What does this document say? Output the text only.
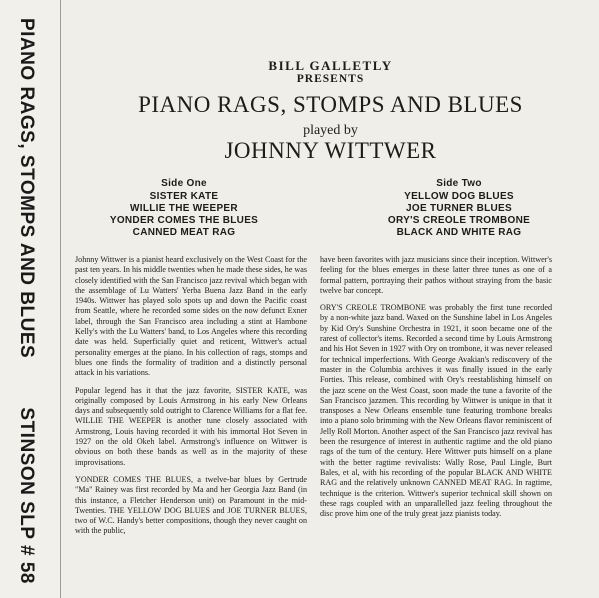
PIANO RAGS, STOMPS AND BLUES
STINSON SLP # 58
BILL GALLETLY
PRESENTS
PIANO RAGS, STOMPS AND BLUES
played by
JOHNNY WITTWER
Side One
SISTER KATE
WILLIE THE WEEPER
YONDER COMES THE BLUES
CANNED MEAT RAG
Side Two
YELLOW DOG BLUES
JOE TURNER BLUES
ORY'S CREOLE TROMBONE
BLACK AND WHITE RAG

Johnny Wittwer is a pianist heard exclusively on the West Coast for the past ten years. In his middle twenties when he made these sides, he was closely identified with the San Francisco jazz revival which began with the assemblage of Lu Watters' Yerba Buena Jazz Band in the early 1940s. Wittwer has played solo spots up and down the Pacific coast from Seattle, where he recorded some sides on the now defunct Exner label, through the San Francisco area including a stint at Hambone Kelly's with the Lu Watters' band, to Los Angeles where this recording date was held. Superficially quiet and reticent, Wittwer's actual personality emerges at the piano. In his collection of rags, stomps and blues one finds the formality of tradition and a distinctly personal attack in his variations.

Popular legend has it that the jazz favorite, SISTER KATE, was originally composed by Louis Armstrong in his early New Orleans days and subsequently sold outright to Clarence Williams for a flat fee. WILLIE THE WEEPER is another tune closely associated with Armstrong, Louis having recorded it with his immortal Hot Seven in 1927 on the old Okeh label. Armstrong's influence on Wittwer is obvious on both these bands as well as in the majority of these improvisations.

YONDER COMES THE BLUES, a twelve-bar blues by Gertrude "Ma" Rainey was first recorded by Ma and her Georgia Jazz Band (in this instance, a Fletcher Henderson unit) on Paramount in the mid-Twenties. THE YELLOW DOG BLUES and JOE TURNER BLUES, two of W.C. Handy's better compositions, though they never caught on with the public,

have been favorites with jazz musicians since their inception. Wittwer's feeling for the blues emerges in these latter three tunes as one of a formal pattern, portraying their pathos without straying from the basic twelve bar concept.

ORY'S CREOLE TROMBONE was probably the first tune recorded by a non-white jazz band. Waxed on the Sunshine label in Los Angeles by Kid Ory's Sunshine Orchestra in 1921, it soon became one of the rarest of collector's items. Recorded a second time by Louis Armstrong and his Hot Seven in 1927 with Ory on trombone, it was never released for technical imperfections. With George Avakian's rediscovery of the master in the Columbia archives it was finally issued in the early Forties. This release, combined with Ory's reestablishing himself on the jazz scene on the West Coast, soon made the tune a favorite of the San Francisco jazzmen. This recording by Wittwer is unique in that it transposes a New Orleans ensemble tune featuring trombone breaks into a piano solo brimming with the New Orleans flavor reminiscent of Jelly Roll Morton. Another aspect of the San Francisco jazz revival has been the resurgence of interest in authentic ragtime and the old piano rags of the turn of the century. Here Wittwer puts himself on a plane with the better ragtime revivalists: Wally Rose, Paul Lingle, Burt Bales, et al, with his recording of the popular BLACK AND WHITE RAG and the relatively unknown CANNED MEAT RAG. In ragtime, technique is the criterion. Wittwer's superior technical skill shown on these rags coupled with an unparallelled jazz feeling throughout the disc prove him one of the truly great jazz pianists today.
